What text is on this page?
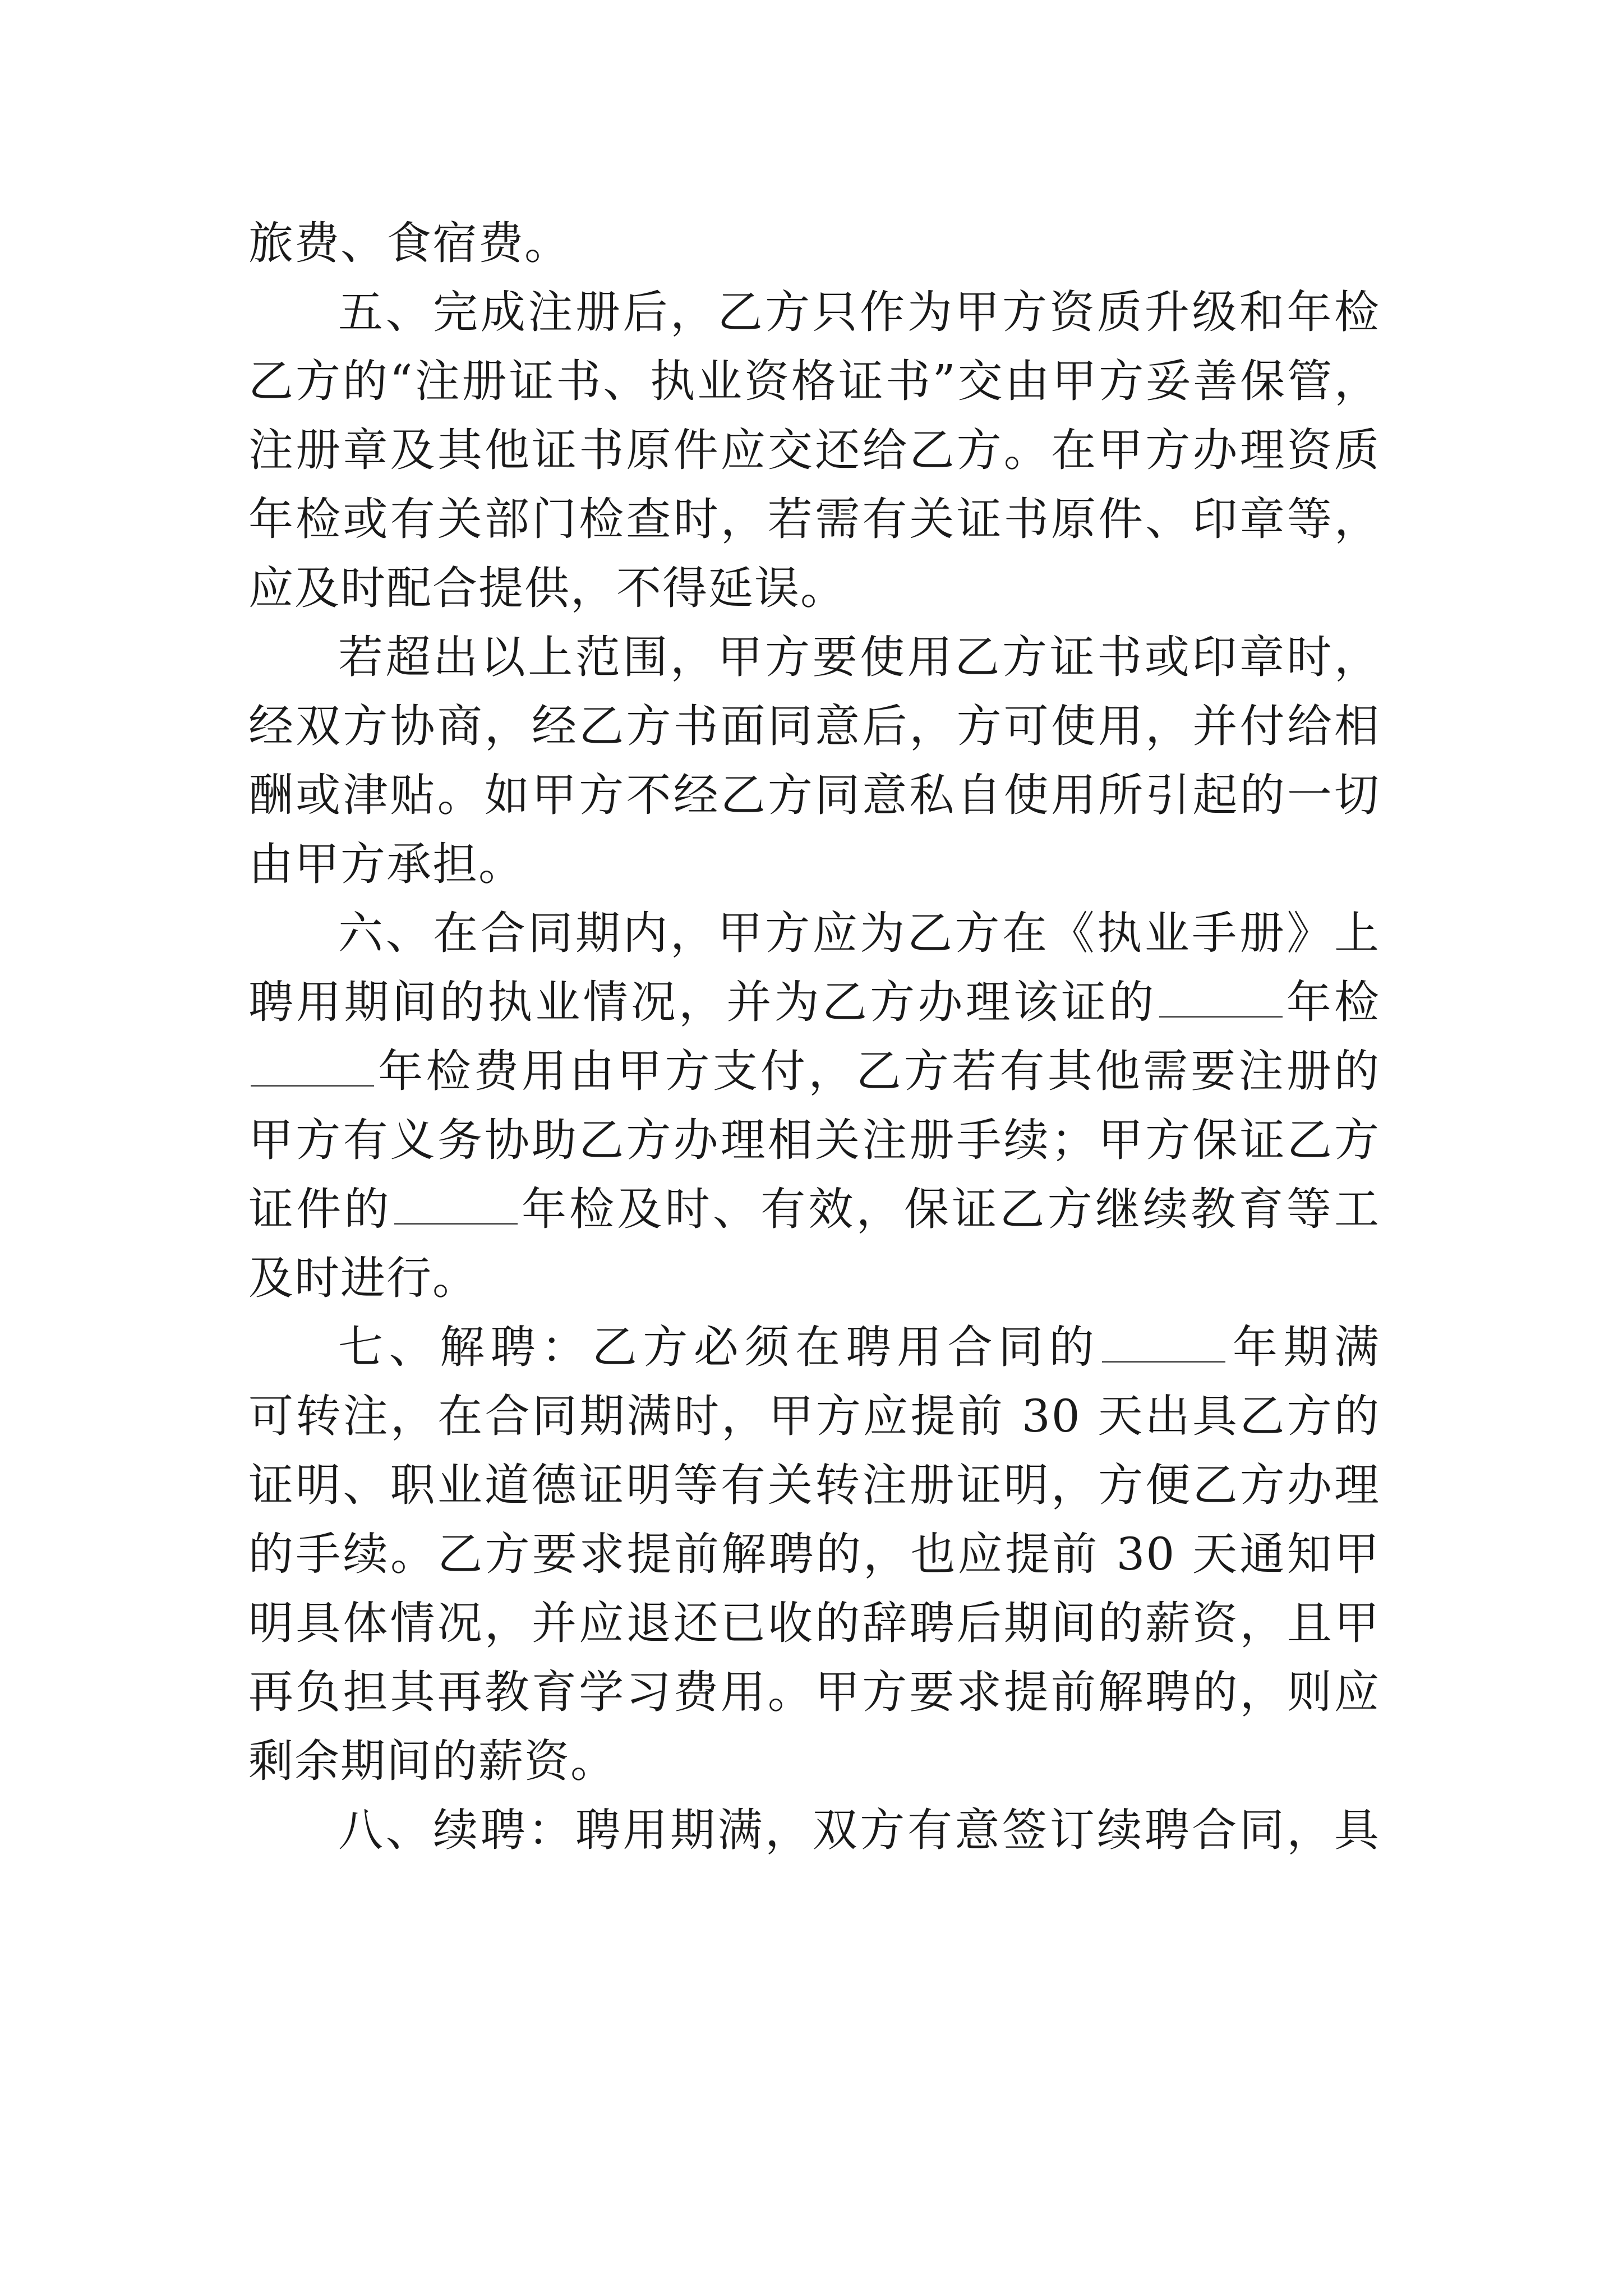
旅费、食宿费。
五、完成注册后，乙方只作为甲方资质升级和年检
乙方的“注册证书、执业资格证书”交由甲方妥善保管，
注册章及其他证书原件应交还给乙方。在甲方办理资质
年检或有关部门检查时，若需有关证书原件、印章等，
应及时配合提供，不得延误。
若超出以上范围，甲方要使用乙方证书或印章时，
经双方协商，经乙方书面同意后，方可使用，并付给相
酬或津贴。如甲方不经乙方同意私自使用所引起的一切
由甲方承担。
六、在合同期内，甲方应为乙方在《执业手册》上
聘用期间的执业情况，并为乙方办理该证的	年检
年检费用由甲方支付，乙方若有其他需要注册的
甲方有义务协助乙方办理相关注册手续；甲方保证乙方
证件的	年检及时、有效，保证乙方继续教育等工
及时进行。
七、解聘：乙方必须在聘用合同的	年期满
可转注，在合同期满时，甲方应提前 30 天出具乙方的
证明、职业道德证明等有关转注册证明，方便乙方办理
的手续。乙方要求提前解聘的，也应提前 30 天通知甲
明具体情况，并应退还已收的辞聘后期间的薪资，且甲
再负担其再教育学习费用。甲方要求提前解聘的，则应
剩余期间的薪资。
八、续聘：聘用期满，双方有意签订续聘合同，具
